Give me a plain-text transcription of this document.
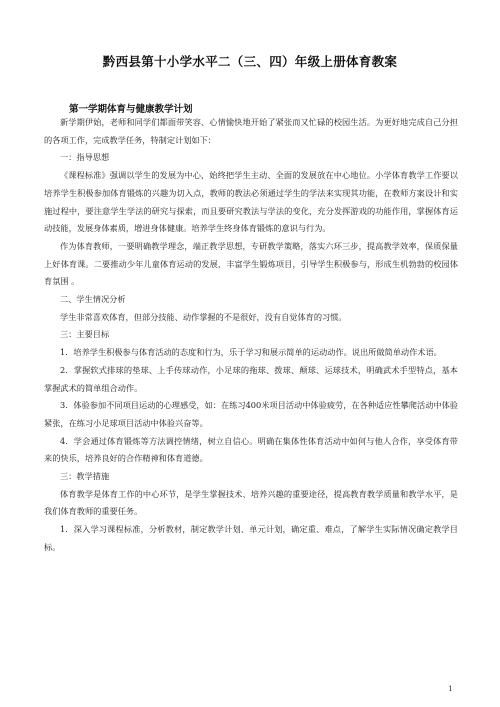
黔西县第十小学水平二（三、四）年级上册体育教案
第一学期体育与健康教学计划

新学期伊始，老师和同学们都面带笑容、心情愉快地开始了紧张而又忙碌的校园生活。为更好地完成自己分担的各项工作，完成教学任务，特制定计划如下：

一：指导思想

《课程标准》强调以学生的发展为中心，始终把学生主动、全面的发展放在中心地位。小学体育教学工作要以培养学生积极参加体育锻炼的兴趣为切入点，教师的教法必须通过学生的学法来实现其功能，在教师方案设计和实施过程中，要注意学生学法的研究与探索，而且要研究教法与学法的变化，充分发挥游戏的功能作用，掌握体育运动技能，发展身体素质，增进身体健康。培养学生终身体育锻炼的意识与行为。

作为体育教师，一要明确教学理念，端正教学思想，专研教学策略，落实六环三步，提高教学效率，保质保量上好体育课。二要推动少年儿童体育运动的发展，丰富学生锻炼项目，引导学生积极参与，形成生机勃勃的校园体育氛围 。

二、学生情况分析

学生非常喜欢体育，但部分技能、动作掌握的不是很好，没有自觉体育的习惯。

三：主要目标

1．培养学生积极参与体育活动的态度和行为，乐于学习和展示简单的运动动作。说出所做简单动作术语。

2．掌握软式排球的垫球、上手传球动作，小足球的拖球、拨球、颠球、运球技术，明确武术手型特点，基本掌握武术的简单组合动作。

3．体验参加不同项目运动的心理感受，如：在练习400米项目活动中体验疲劳，在各种适应性攀爬活动中体验紧张，在练习小足球项目活动中体验兴奋等。

4．学会通过体育锻炼等方法调控情绪，树立自信心。明确在集体性体育活动中如何与他人合作，享受体育带来的快乐，培养良好的合作精神和体育道德。

三：教学措施

体育教学是体育工作的中心环节，是学生掌握技术、培养兴趣的重要途径，提高教育教学质量和教学水平，是我们体育教师的重要任务。

1．深入学习课程标准，分析教材，制定教学计划、单元计划，确定重、难点，了解学生实际情况确定教学目标。

1
